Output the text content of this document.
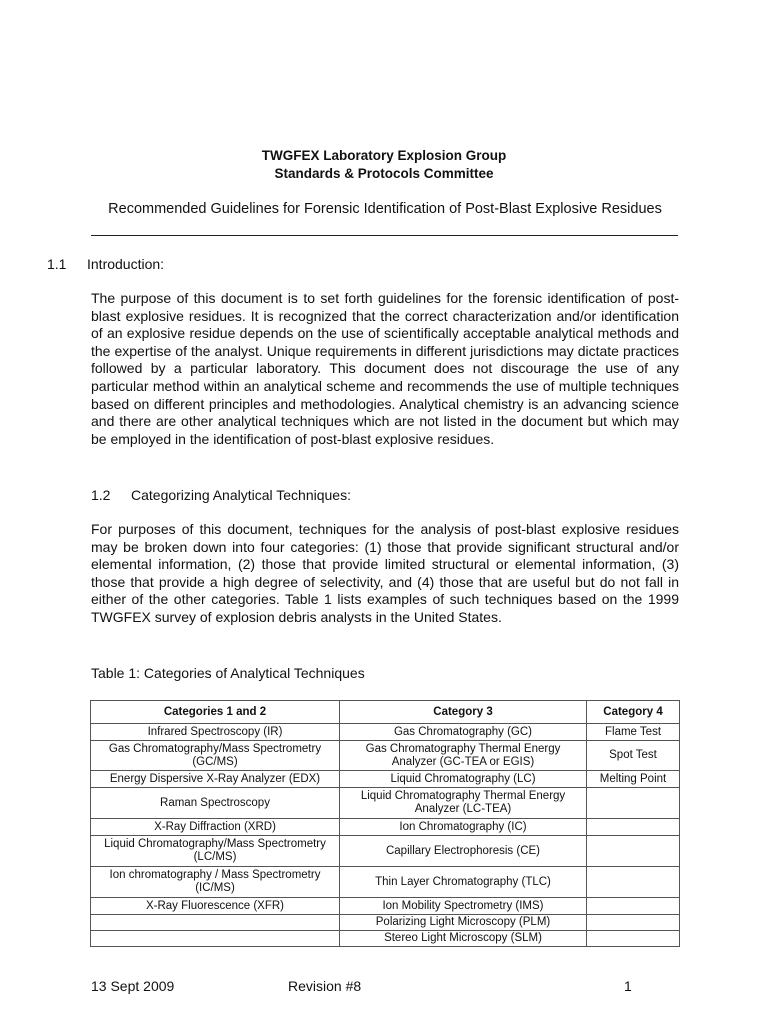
TWGFEX Laboratory Explosion Group
Standards & Protocols Committee
Recommended Guidelines for Forensic Identification of Post-Blast Explosive Residues
1.1 Introduction:
The purpose of this document is to set forth guidelines for the forensic identification of post-blast explosive residues. It is recognized that the correct characterization and/or identification of an explosive residue depends on the use of scientifically acceptable analytical methods and the expertise of the analyst. Unique requirements in different jurisdictions may dictate practices followed by a particular laboratory. This document does not discourage the use of any particular method within an analytical scheme and recommends the use of multiple techniques based on different principles and methodologies. Analytical chemistry is an advancing science and there are other analytical techniques which are not listed in the document but which may be employed in the identification of post-blast explosive residues.
1.2 Categorizing Analytical Techniques:
For purposes of this document, techniques for the analysis of post-blast explosive residues may be broken down into four categories: (1) those that provide significant structural and/or elemental information, (2) those that provide limited structural or elemental information, (3) those that provide a high degree of selectivity, and (4) those that are useful but do not fall in either of the other categories. Table 1 lists examples of such techniques based on the 1999 TWGFEX survey of explosion debris analysts in the United States.
Table 1: Categories of Analytical Techniques
Categories 1 and 2	Category 3	Category 4
Infrared Spectroscopy (IR)	Gas Chromatography (GC)	Flame Test
Gas Chromatography/Mass Spectrometry (GC/MS)	Gas Chromatography Thermal Energy Analyzer (GC-TEA or EGIS)	Spot Test
Energy Dispersive X-Ray Analyzer (EDX)	Liquid Chromatography (LC)	Melting Point
Raman Spectroscopy	Liquid Chromatography Thermal Energy Analyzer (LC-TEA)	
X-Ray Diffraction (XRD)	Ion Chromatography (IC)	
Liquid Chromatography/Mass Spectrometry (LC/MS)	Capillary Electrophoresis (CE)	
Ion chromatography / Mass Spectrometry (IC/MS)	Thin Layer Chromatography (TLC)	
X-Ray Fluorescence (XFR)	Ion Mobility Spectrometry (IMS)	
	Polarizing Light Microscopy (PLM)	
	Stereo Light Microscopy (SLM)	
13 Sept 2009	Revision #8	1
